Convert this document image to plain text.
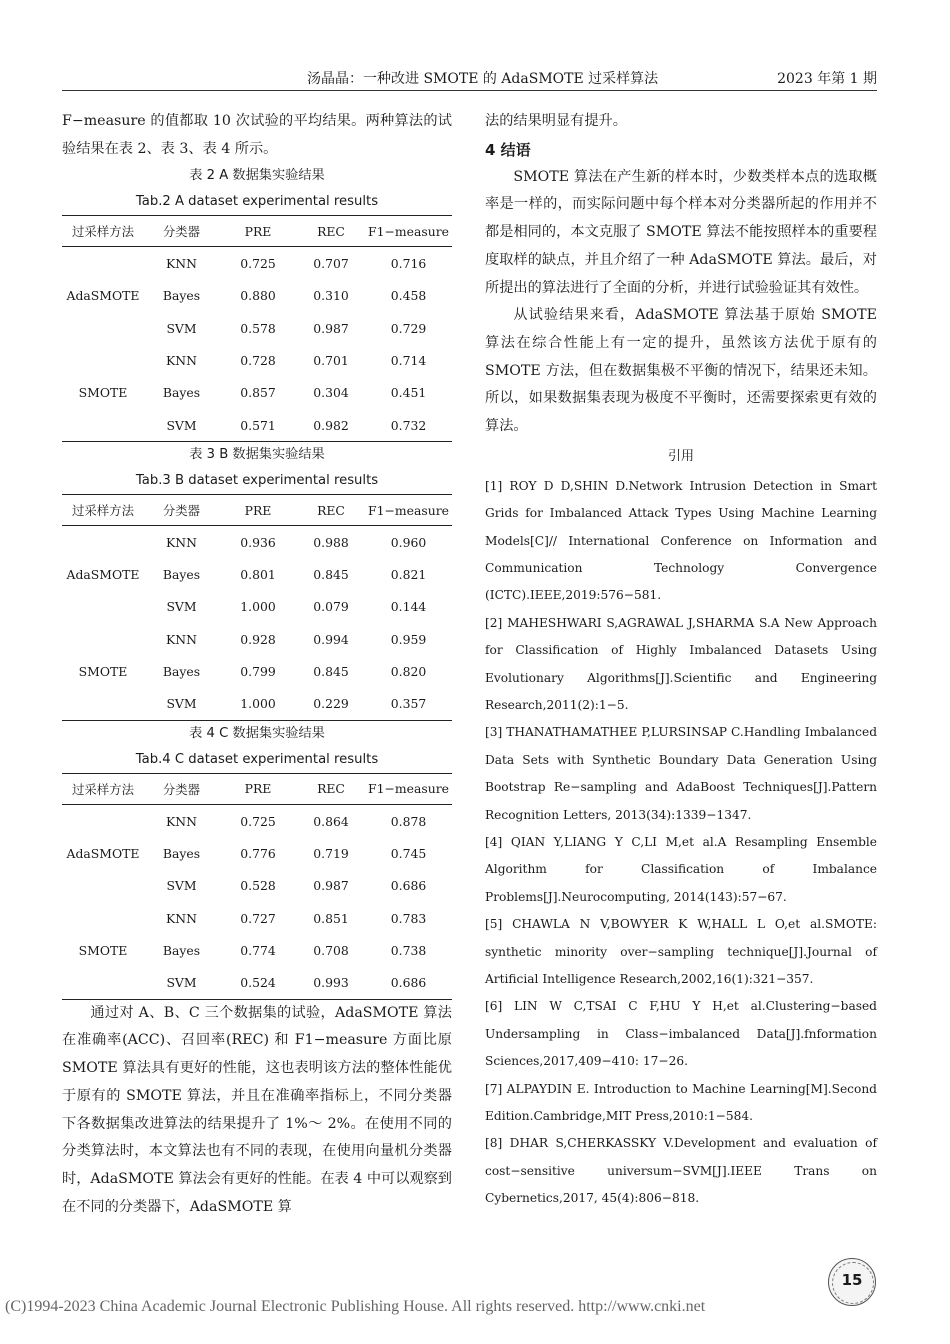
汤晶晶：一种改进 SMOTE 的 AdaSMOTE 过采样算法	2023 年第 1 期

F−measure 的值都取 10 次试验的平均结果。两种算法的试验结果在表 2、表 3、表 4 所示。

表 2 A 数据集实验结果

Tab.2 A dataset experimental results

过采样方法	分类器	PRE	REC	F1−measure
AdaSMOTE	KNN	0.725	0.707	0.716
	Bayes	0.880	0.310	0.458
	SVM	0.578	0.987	0.729
SMOTE	KNN	0.728	0.701	0.714
	Bayes	0.857	0.304	0.451
	SVM	0.571	0.982	0.732

表 3 B 数据集实验结果

Tab.3 B dataset experimental results

过采样方法	分类器	PRE	REC	F1−measure
AdaSMOTE	KNN	0.936	0.988	0.960
	Bayes	0.801	0.845	0.821
	SVM	1.000	0.079	0.144
SMOTE	KNN	0.928	0.994	0.959
	Bayes	0.799	0.845	0.820
	SVM	1.000	0.229	0.357

表 4 C 数据集实验结果

Tab.4 C dataset experimental results

过采样方法	分类器	PRE	REC	F1−measure
AdaSMOTE	KNN	0.725	0.864	0.878
	Bayes	0.776	0.719	0.745
	SVM	0.528	0.987	0.686
SMOTE	KNN	0.727	0.851	0.783
	Bayes	0.774	0.708	0.738
	SVM	0.524	0.993	0.686

通过对 A、B、C 三个数据集的试验，AdaSMOTE 算法在准确率(ACC)、召回率(REC) 和 F1−measure 方面比原 SMOTE 算法具有更好的性能，这也表明该方法的整体性能优于原有的 SMOTE 算法，并且在准确率指标上，不同分类器下各数据集改进算法的结果提升了 1%～ 2%。在使用不同的分类算法时，本文算法也有不同的表现，在使用向量机分类器时，AdaSMOTE 算法会有更好的性能。在表 4 中可以观察到在不同的分类器下，AdaSMOTE 算

法的结果明显有提升。

4 结语

SMOTE 算法在产生新的样本时，少数类样本点的选取概率是一样的，而实际问题中每个样本对分类器所起的作用并不都是相同的，本文克服了 SMOTE 算法不能按照样本的重要程度取样的缺点，并且介绍了一种 AdaSMOTE 算法。最后，对所提出的算法进行了全面的分析，并进行试验验证其有效性。

从试验结果来看，AdaSMOTE 算法基于原始 SMOTE 算法在综合性能上有一定的提升，虽然该方法优于原有的 SMOTE 方法，但在数据集极不平衡的情况下，结果还未知。所以，如果数据集表现为极度不平衡时，还需要探索更有效的算法。

引用

[1] ROY D D,SHIN D.Network Intrusion Detection in Smart Grids for Imbalanced Attack Types Using Machine Learning Models[C]// International Conference on Information and Communication Technology Convergence (ICTC).IEEE,2019:576−581.

[2] MAHESHWARI S,AGRAWAL J,SHARMA S.A New Approach for Classification of Highly Imbalanced Datasets Using Evolutionary Algorithms[J].Scientific and Engineering Research,2011(2):1−5.

[3] THANATHAMATHEE P,LURSINSAP C.Handling Imbalanced Data Sets with Synthetic Boundary Data Generation Using Bootstrap Re−sampling and AdaBoost Techniques[J].Pattern Recognition Letters, 2013(34):1339−1347.

[4] QIAN Y,LIANG Y C,LI M,et al.A Resampling Ensemble Algorithm for Classification of Imbalance Problems[J].Neurocomputing, 2014(143):57−67.

[5] CHAWLA N V,BOWYER K W,HALL L O,et al.SMOTE: synthetic minority over−sampling technique[J].Journal of Artificial Intelligence Research,2002,16(1):321−357.

[6] LIN W C,TSAI C F,HU Y H,et al.Clustering−based Undersampling in Class−imbalanced Data[J].fnformation Sciences,2017,409−410: 17−26.

[7] ALPAYDIN E. Introduction to Machine Learning[M].Second Edition.Cambridge,MIT Press,2010:1−584.

[8] DHAR S,CHERKASSKY V.Development and evaluation of cost−sensitive universum−SVM[J].IEEE Trans on Cybernetics,2017, 45(4):806−818.

15
(C)1994-2023 China Academic Journal Electronic Publishing House. All rights reserved. http://www.cnki.net
